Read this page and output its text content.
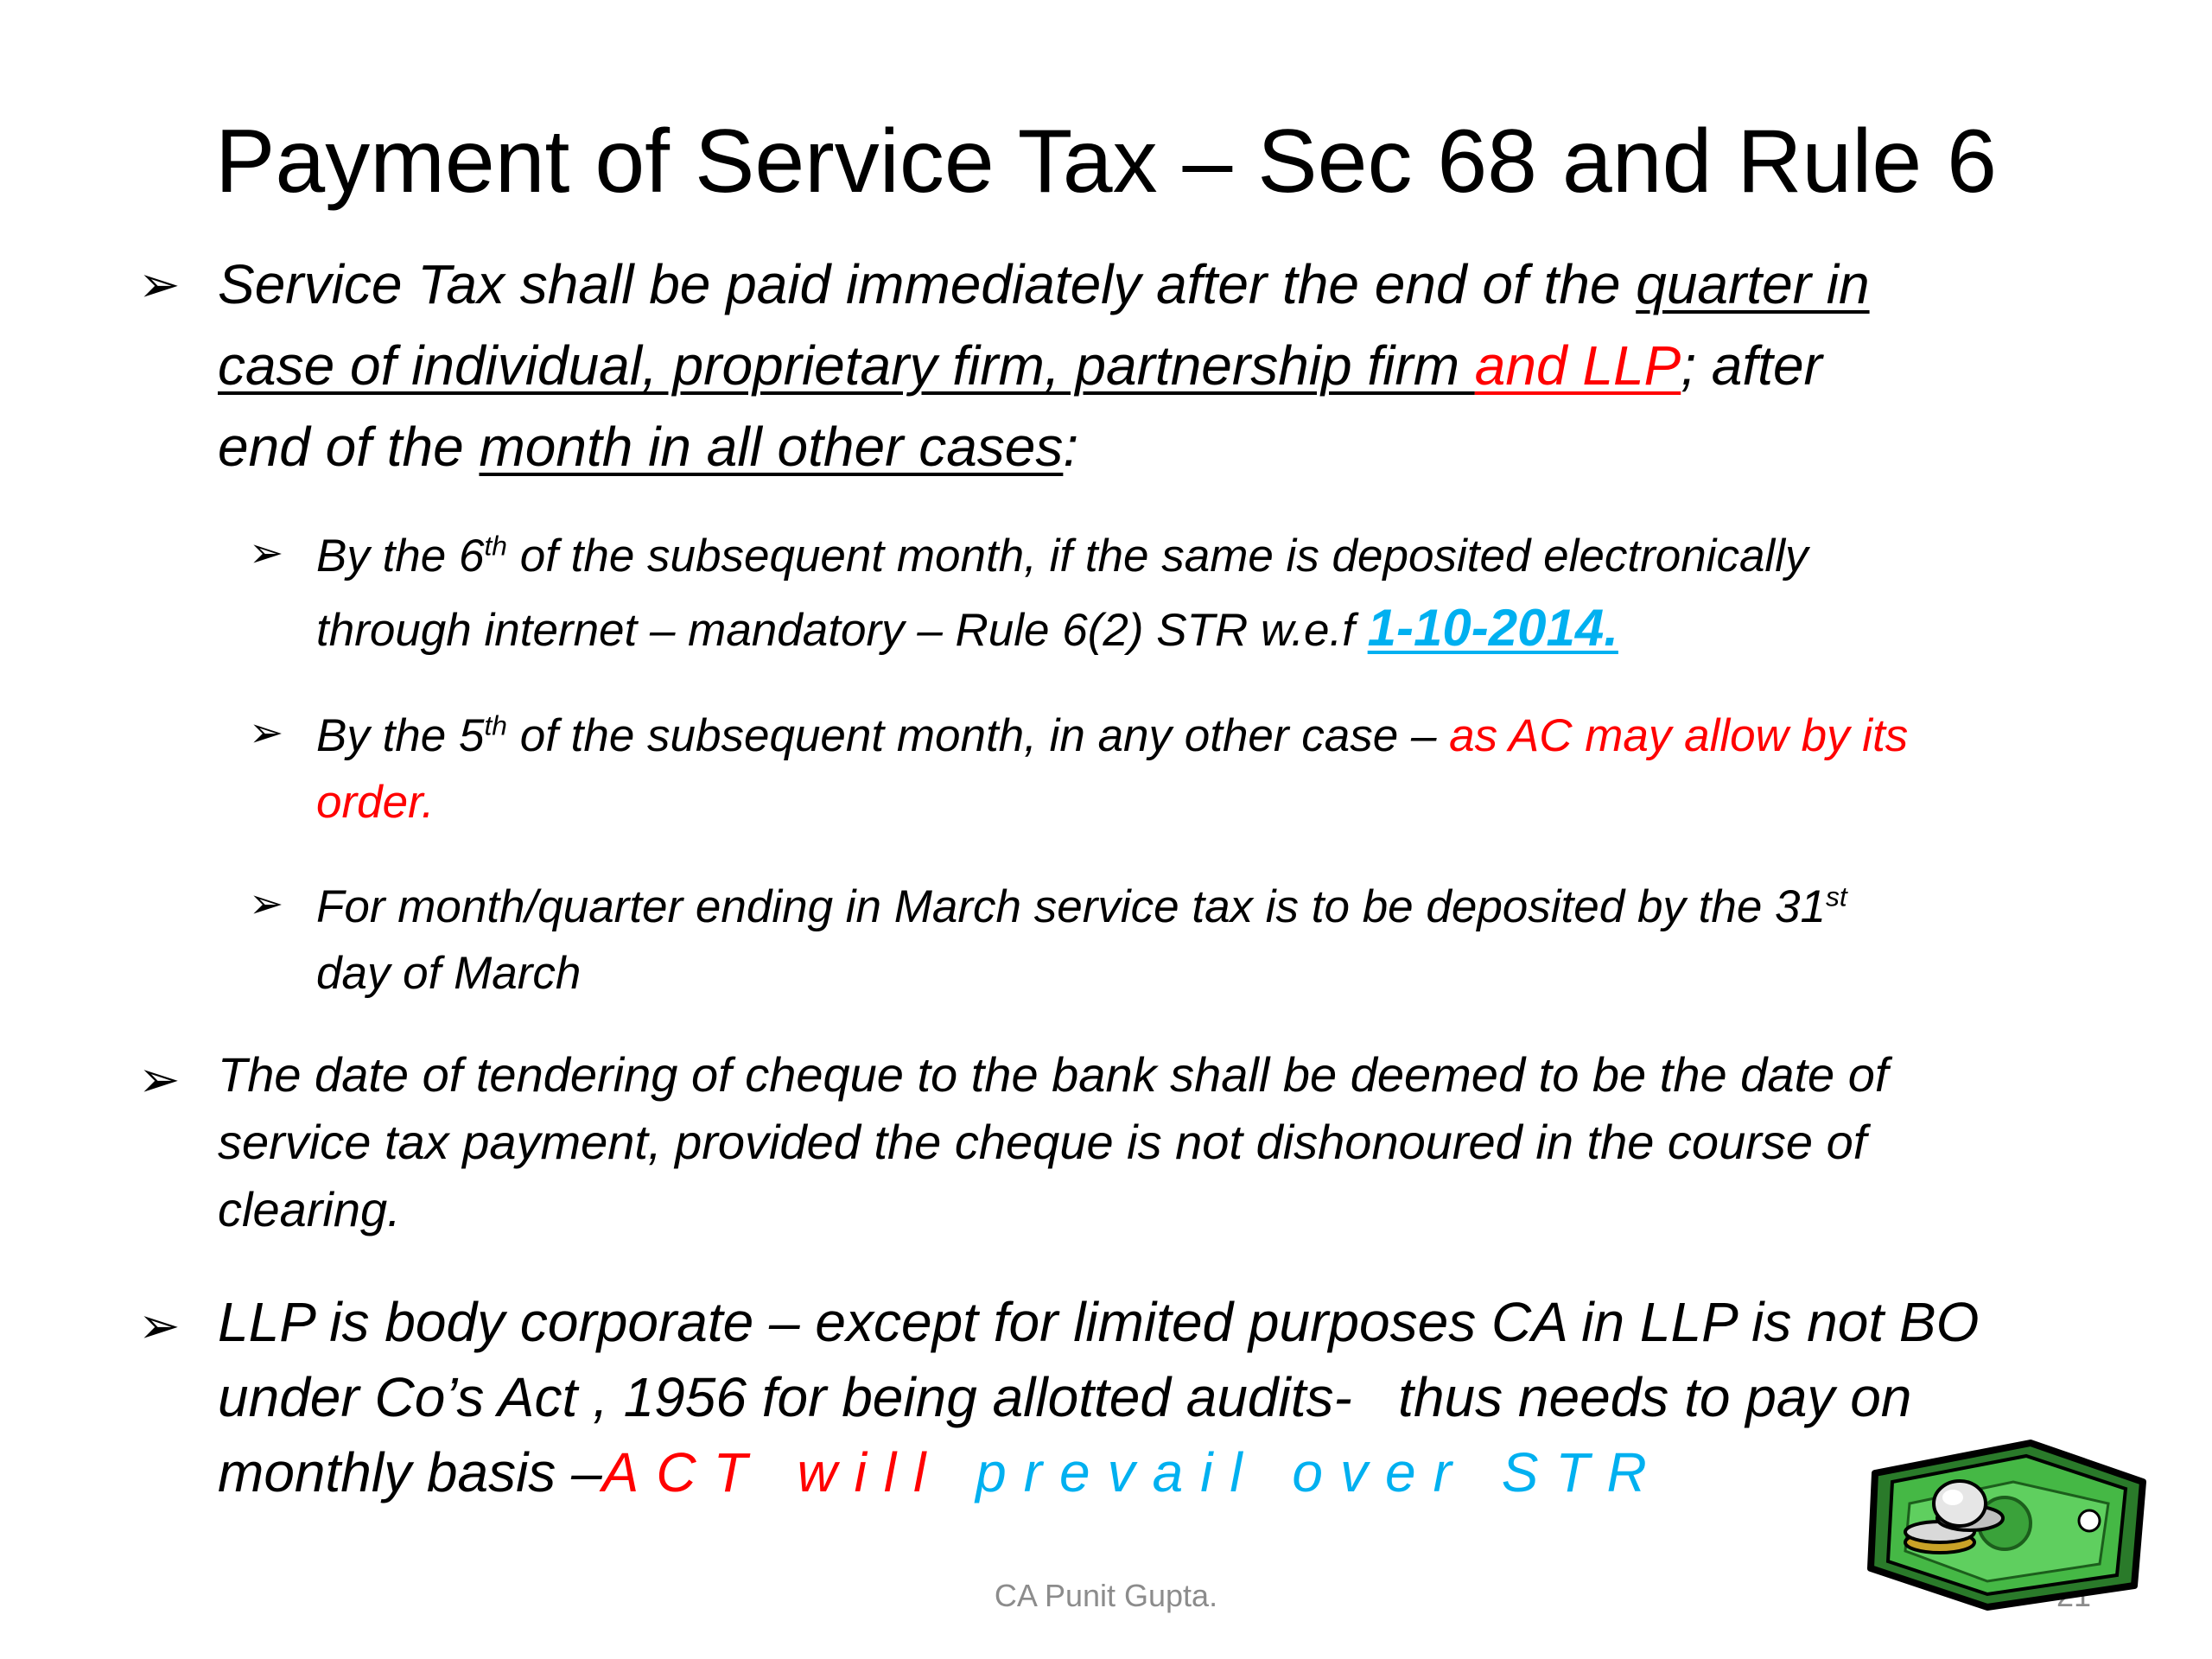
Payment of Service Tax – Sec 68 and Rule 6
➢ Service Tax shall be paid immediately after the end of the quarter in
case of individual, proprietary firm, partnership firm and LLP; after
end of the month in all other cases:
➢ By the 6th of the subsequent month, if the same is deposited electronically
through internet – mandatory – Rule 6(2) STR w.e.f 1-10-2014.
➢ By the 5th of the subsequent month, in any other case – as AC may allow by its
order.
➢ For month/quarter ending in March service tax is to be deposited by the 31st
day of March
➢ The date of tendering of cheque to the bank shall be deemed to be the date of
service tax payment, provided the cheque is not dishonoured in the course of
clearing.
➢ LLP is body corporate – except for limited purposes CA in LLP is not BO
under Co’s Act , 1956 for being allotted audits-   thus needs to pay on
monthly basis –ACT will prevail over STR
CA Punit Gupta.
